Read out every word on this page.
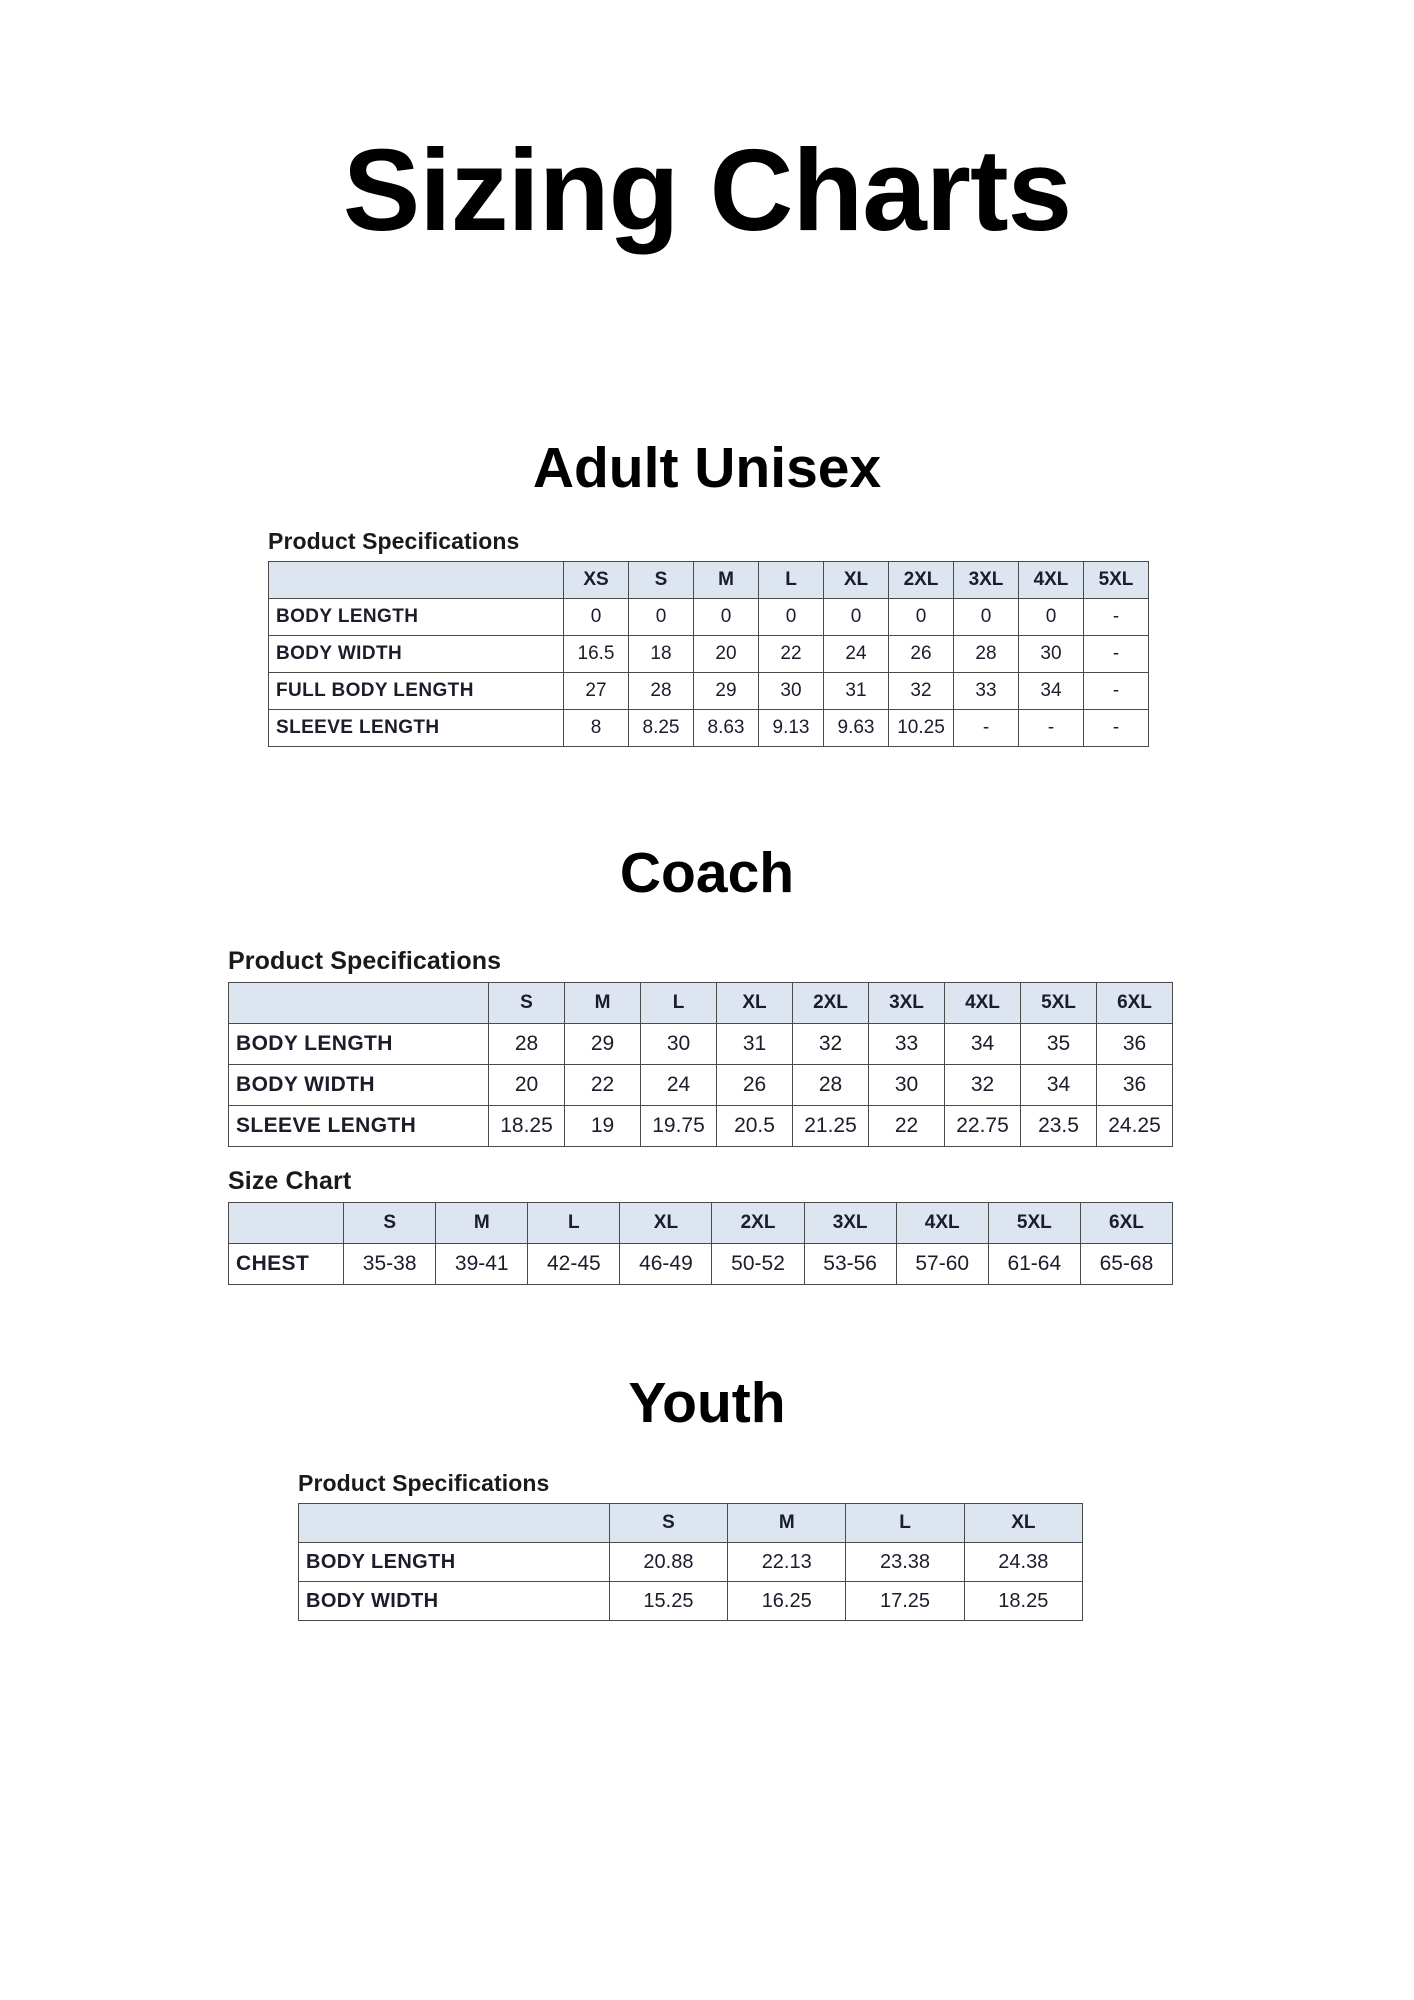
Sizing Charts
Adult Unisex
Product Specifications
	XS	S	M	L	XL	2XL	3XL	4XL	5XL
BODY LENGTH	0	0	0	0	0	0	0	0	-
BODY WIDTH	16.5	18	20	22	24	26	28	30	-
FULL BODY LENGTH	27	28	29	30	31	32	33	34	-
SLEEVE LENGTH	8	8.25	8.63	9.13	9.63	10.25	-	-	-
Coach
Product Specifications
	S	M	L	XL	2XL	3XL	4XL	5XL	6XL
BODY LENGTH	28	29	30	31	32	33	34	35	36
BODY WIDTH	20	22	24	26	28	30	32	34	36
SLEEVE LENGTH	18.25	19	19.75	20.5	21.25	22	22.75	23.5	24.25
Size Chart
	S	M	L	XL	2XL	3XL	4XL	5XL	6XL
CHEST	35-38	39-41	42-45	46-49	50-52	53-56	57-60	61-64	65-68
Youth
Product Specifications
	S	M	L	XL
BODY LENGTH	20.88	22.13	23.38	24.38
BODY WIDTH	15.25	16.25	17.25	18.25
